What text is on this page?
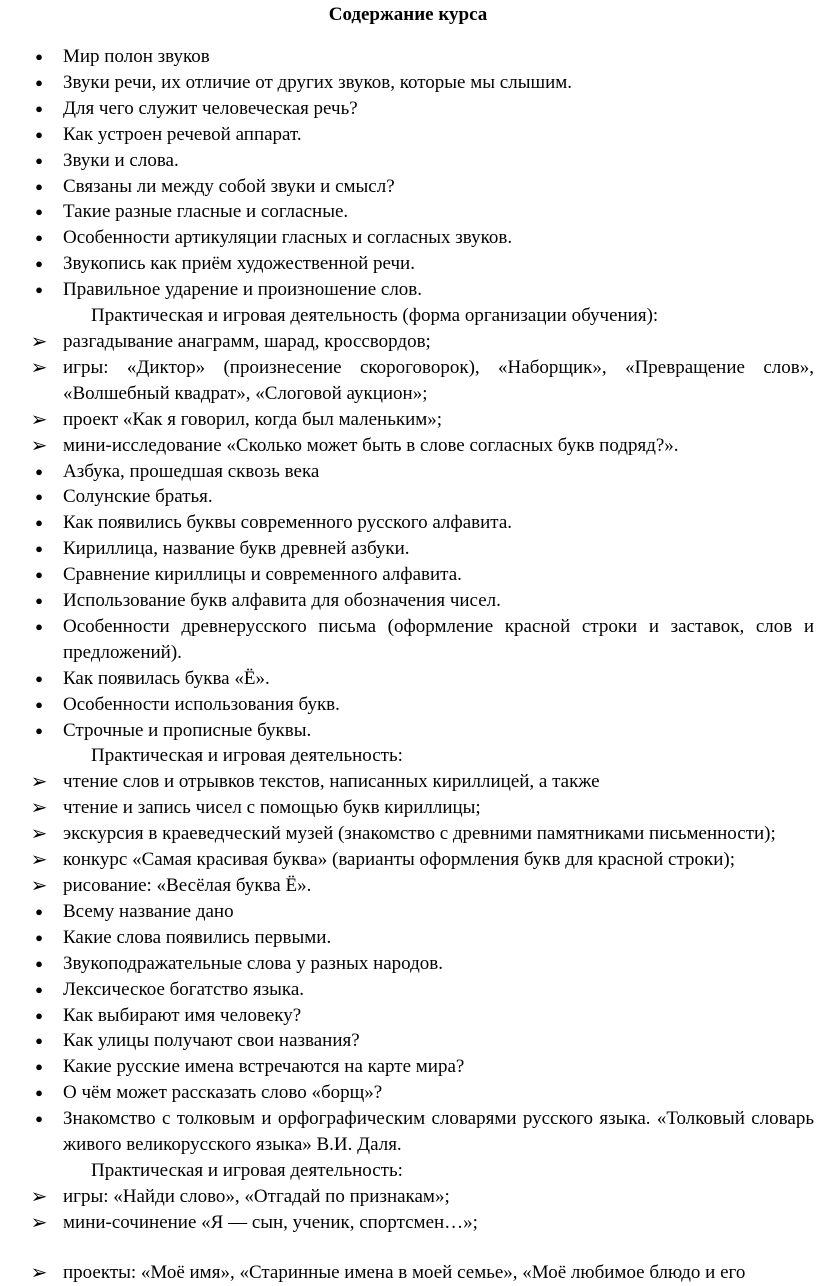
Содержание курса
● Мир полон звуков
● Звуки речи, их отличие от других звуков, которые мы слышим.
● Для чего служит человеческая речь?
● Как устроен речевой аппарат.
● Звуки и слова.
● Связаны ли между собой звуки и смысл?
● Такие разные гласные и согласные.
● Особенности артикуляции гласных и согласных звуков.
● Звукопись как приём художественной речи.
● Правильное ударение и произношение слов.
Практическая и игровая деятельность (форма организации обучения):
➢ разгадывание анаграмм, шарад, кроссвордов;
➢ игры: «Диктор» (произнесение скороговорок), «Наборщик», «Превращение слов», «Волшебный квадрат», «Слоговой аукцион»;
➢ проект «Как я говорил, когда был маленьким»;
➢ мини-исследование «Сколько может быть в слове согласных букв подряд?».
● Азбука, прошедшая сквозь века
● Солунские братья.
● Как появились буквы современного русского алфавита.
● Кириллица, название букв древней азбуки.
● Сравнение кириллицы и современного алфавита.
● Использование букв алфавита для обозначения чисел.
● Особенности древнерусского письма (оформление красной строки и заставок, слов и предложений).
● Как появилась буква «Ё».
● Особенности использования букв.
● Строчные и прописные буквы.
Практическая и игровая деятельность:
➢ чтение слов и отрывков текстов, написанных кириллицей, а также
➢ чтение и запись чисел с помощью букв кириллицы;
➢ экскурсия в краеведческий музей (знакомство с древними памятниками письменности);
➢ конкурс «Самая красивая буква» (варианты оформления букв для красной строки);
➢ рисование: «Весёлая буква Ё».
● Всему название дано
● Какие слова появились первыми.
● Звукоподражательные слова у разных народов.
● Лексическое богатство языка.
● Как выбирают имя человеку?
● Как улицы получают свои названия?
● Какие русские имена встречаются на карте мира?
● О чём может рассказать слово «борщ»?
● Знакомство с толковым и орфографическим словарями русского языка. «Толковый словарь живого великорусского языка» В.И. Даля.
Практическая и игровая деятельность:
➢ игры: «Найди слово», «Отгадай по признакам»;
➢ мини-сочинение «Я — сын, ученик, спортсмен…»;
➢ проекты: «Моё имя», «Старинные имена в моей семье», «Моё любимое блюдо и его
